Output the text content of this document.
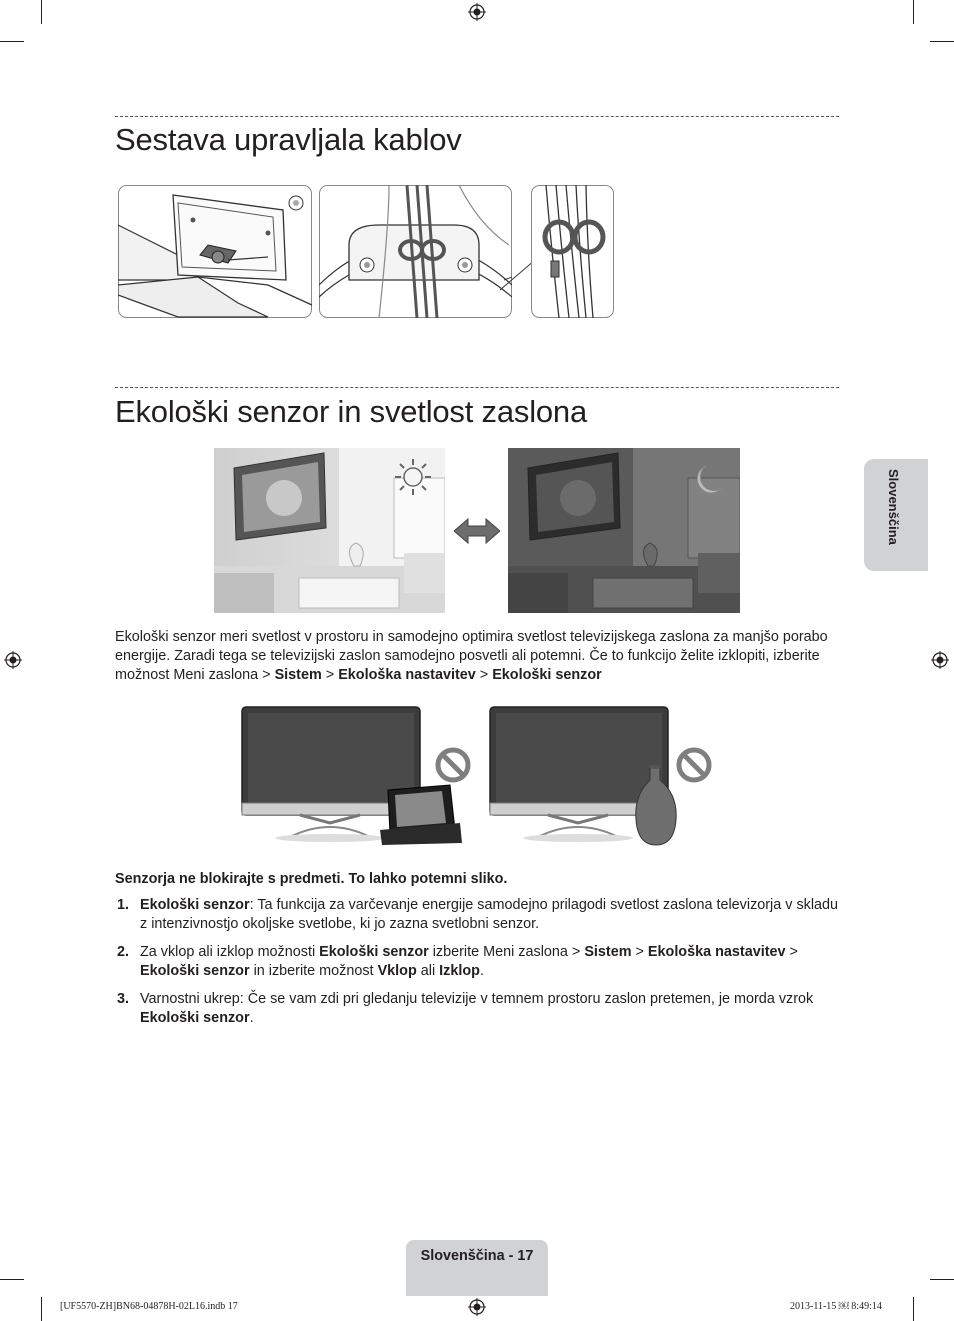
Sestava upravljala kablov
Ekološki senzor in svetlost zaslona

Ekološki senzor meri svetlost v prostoru in samodejno optimira svetlost televizijskega zaslona za manjšo porabo energije. Zaradi tega se televizijski zaslon samodejno posvetli ali potemni. Če to funkcijo želite izklopiti, izberite možnost Meni zaslona > Sistem > Ekološka nastavitev > Ekološki senzor

Senzorja ne blokirajte s predmeti. To lahko potemni sliko.

1. Ekološki senzor: Ta funkcija za varčevanje energije samodejno prilagodi svetlost zaslona televizorja v skladu z intenzivnostjo okoljske svetlobe, ki jo zazna svetlobni senzor.
2. Za vklop ali izklop možnosti Ekološki senzor izberite Meni zaslona > Sistem > Ekološka nastavitev > Ekološki senzor in izberite možnost Vklop ali Izklop.
3. Varnostni ukrep: Če se vam zdi pri gledanju televizije v temnem prostoru zaslon pretemen, je morda vzrok Ekološki senzor.
Slovenščina
Slovenščina - 17
[UF5570-ZH]BN68-04878H-02L16.indb 17	2013-11-15 ￼ 8:49:14
